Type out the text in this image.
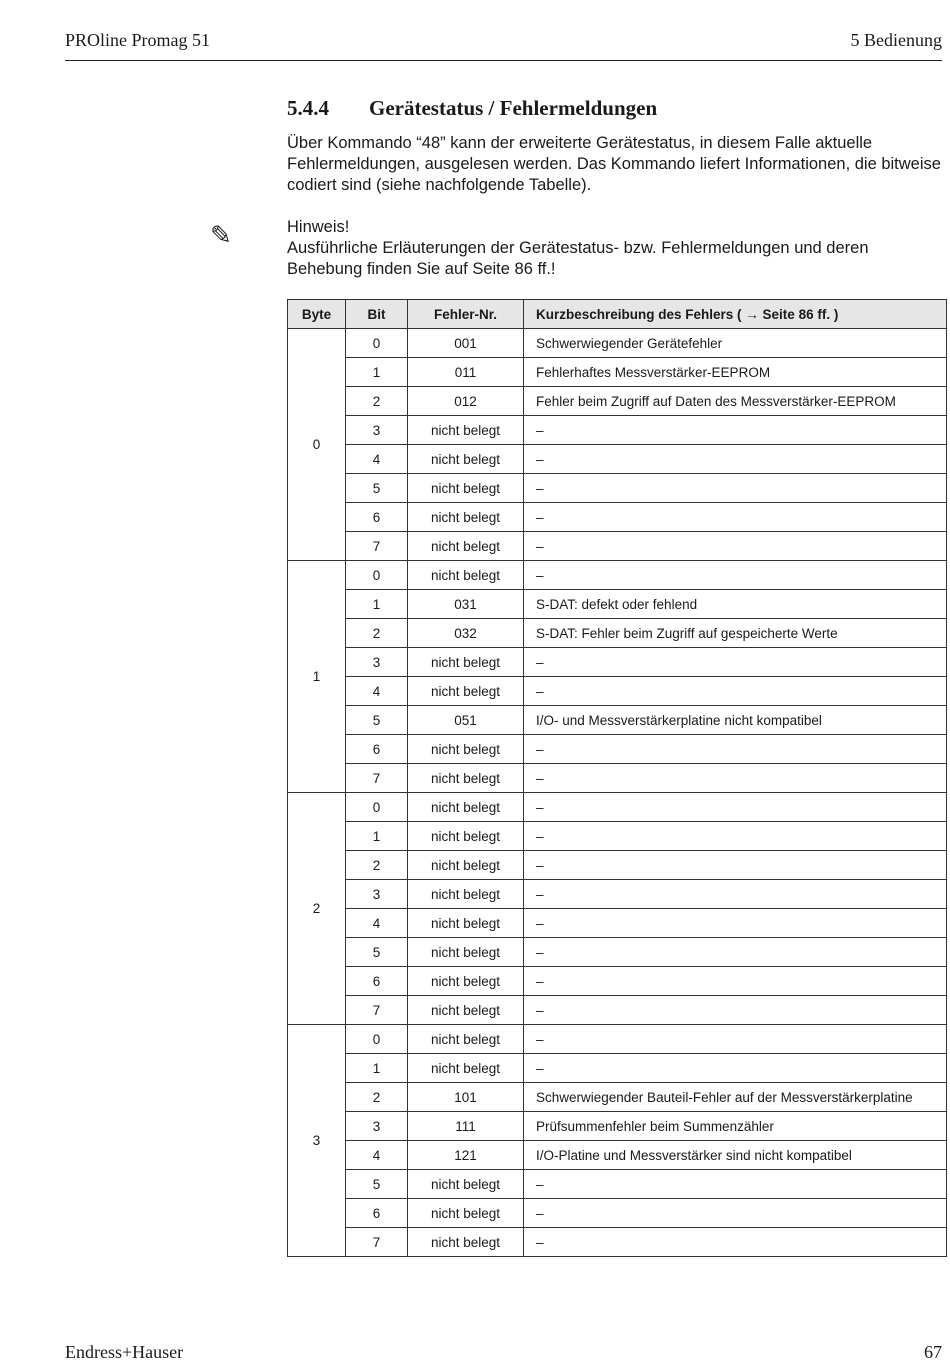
PROline Promag 51	5 Bedienung
5.4.4 Gerätestatus / Fehlermeldungen
Über Kommando “48” kann der erweiterte Gerätestatus, in diesem Falle aktuelle Fehlermeldungen, ausgelesen werden. Das Kommando liefert Informationen, die bitweise codiert sind (siehe nachfolgende Tabelle).
✎	Hinweis!
Ausführliche Erläuterungen der Gerätestatus- bzw. Fehlermeldungen und deren Behebung finden Sie auf Seite 86 ff.!
Byte	Bit	Fehler-Nr.	Kurzbeschreibung des Fehlers ( → Seite 86 ff. )
0	0	001	Schwerwiegender Gerätefehler
	1	011	Fehlerhaftes Messverstärker-EEPROM
	2	012	Fehler beim Zugriff auf Daten des Messverstärker-EEPROM
	3	nicht belegt	–
	4	nicht belegt	–
	5	nicht belegt	–
	6	nicht belegt	–
	7	nicht belegt	–
1	0	nicht belegt	–
	1	031	S-DAT: defekt oder fehlend
	2	032	S-DAT: Fehler beim Zugriff auf gespeicherte Werte
	3	nicht belegt	–
	4	nicht belegt	–
	5	051	I/O- und Messverstärkerplatine nicht kompatibel
	6	nicht belegt	–
	7	nicht belegt	–
2	0	nicht belegt	–
	1	nicht belegt	–
	2	nicht belegt	–
	3	nicht belegt	–
	4	nicht belegt	–
	5	nicht belegt	–
	6	nicht belegt	–
	7	nicht belegt	–
3	0	nicht belegt	–
	1	nicht belegt	–
	2	101	Schwerwiegender Bauteil-Fehler auf der Messverstärkerplatine
	3	111	Prüfsummenfehler beim Summenzähler
	4	121	I/O-Platine und Messverstärker sind nicht kompatibel
	5	nicht belegt	–
	6	nicht belegt	–
	7	nicht belegt	–
Endress+Hauser	67
